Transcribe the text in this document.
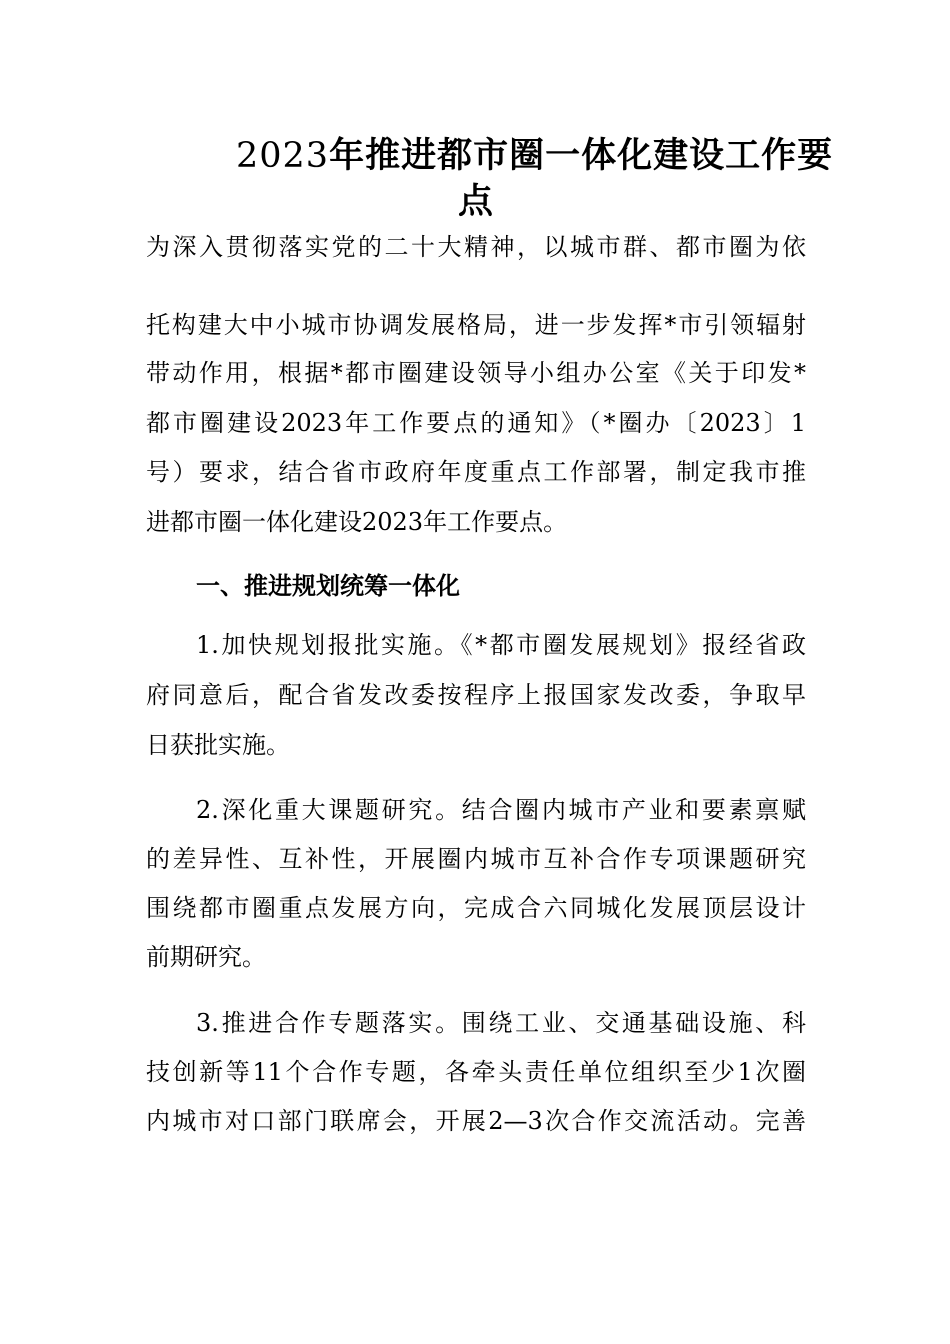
2023年推进都市圈一体化建设工作要
点

为深入贯彻落实党的二十大精神，以城市群、都市圈为依

托构建大中小城市协调发展格局，进一步发挥*市引领辐射

带动作用，根据*都市圈建设领导小组办公室《关于印发*

都市圈建设2023年工作要点的通知》（*圈办〔2023〕1

号）要求，结合省市政府年度重点工作部署，制定我市推

进都市圈一体化建设2023年工作要点。

一、推进规划统筹一体化

1.加快规划报批实施。《*都市圈发展规划》报经省政

府同意后，配合省发改委按程序上报国家发改委，争取早

日获批实施。

2.深化重大课题研究。结合圈内城市产业和要素禀赋

的差异性、互补性，开展圈内城市互补合作专项课题研究

围绕都市圈重点发展方向，完成合六同城化发展顶层设计

前期研究。

3.推进合作专题落实。围绕工业、交通基础设施、科

技创新等11个合作专题，各牵头责任单位组织至少1次圈

内城市对口部门联席会，开展2—3次合作交流活动。完善
